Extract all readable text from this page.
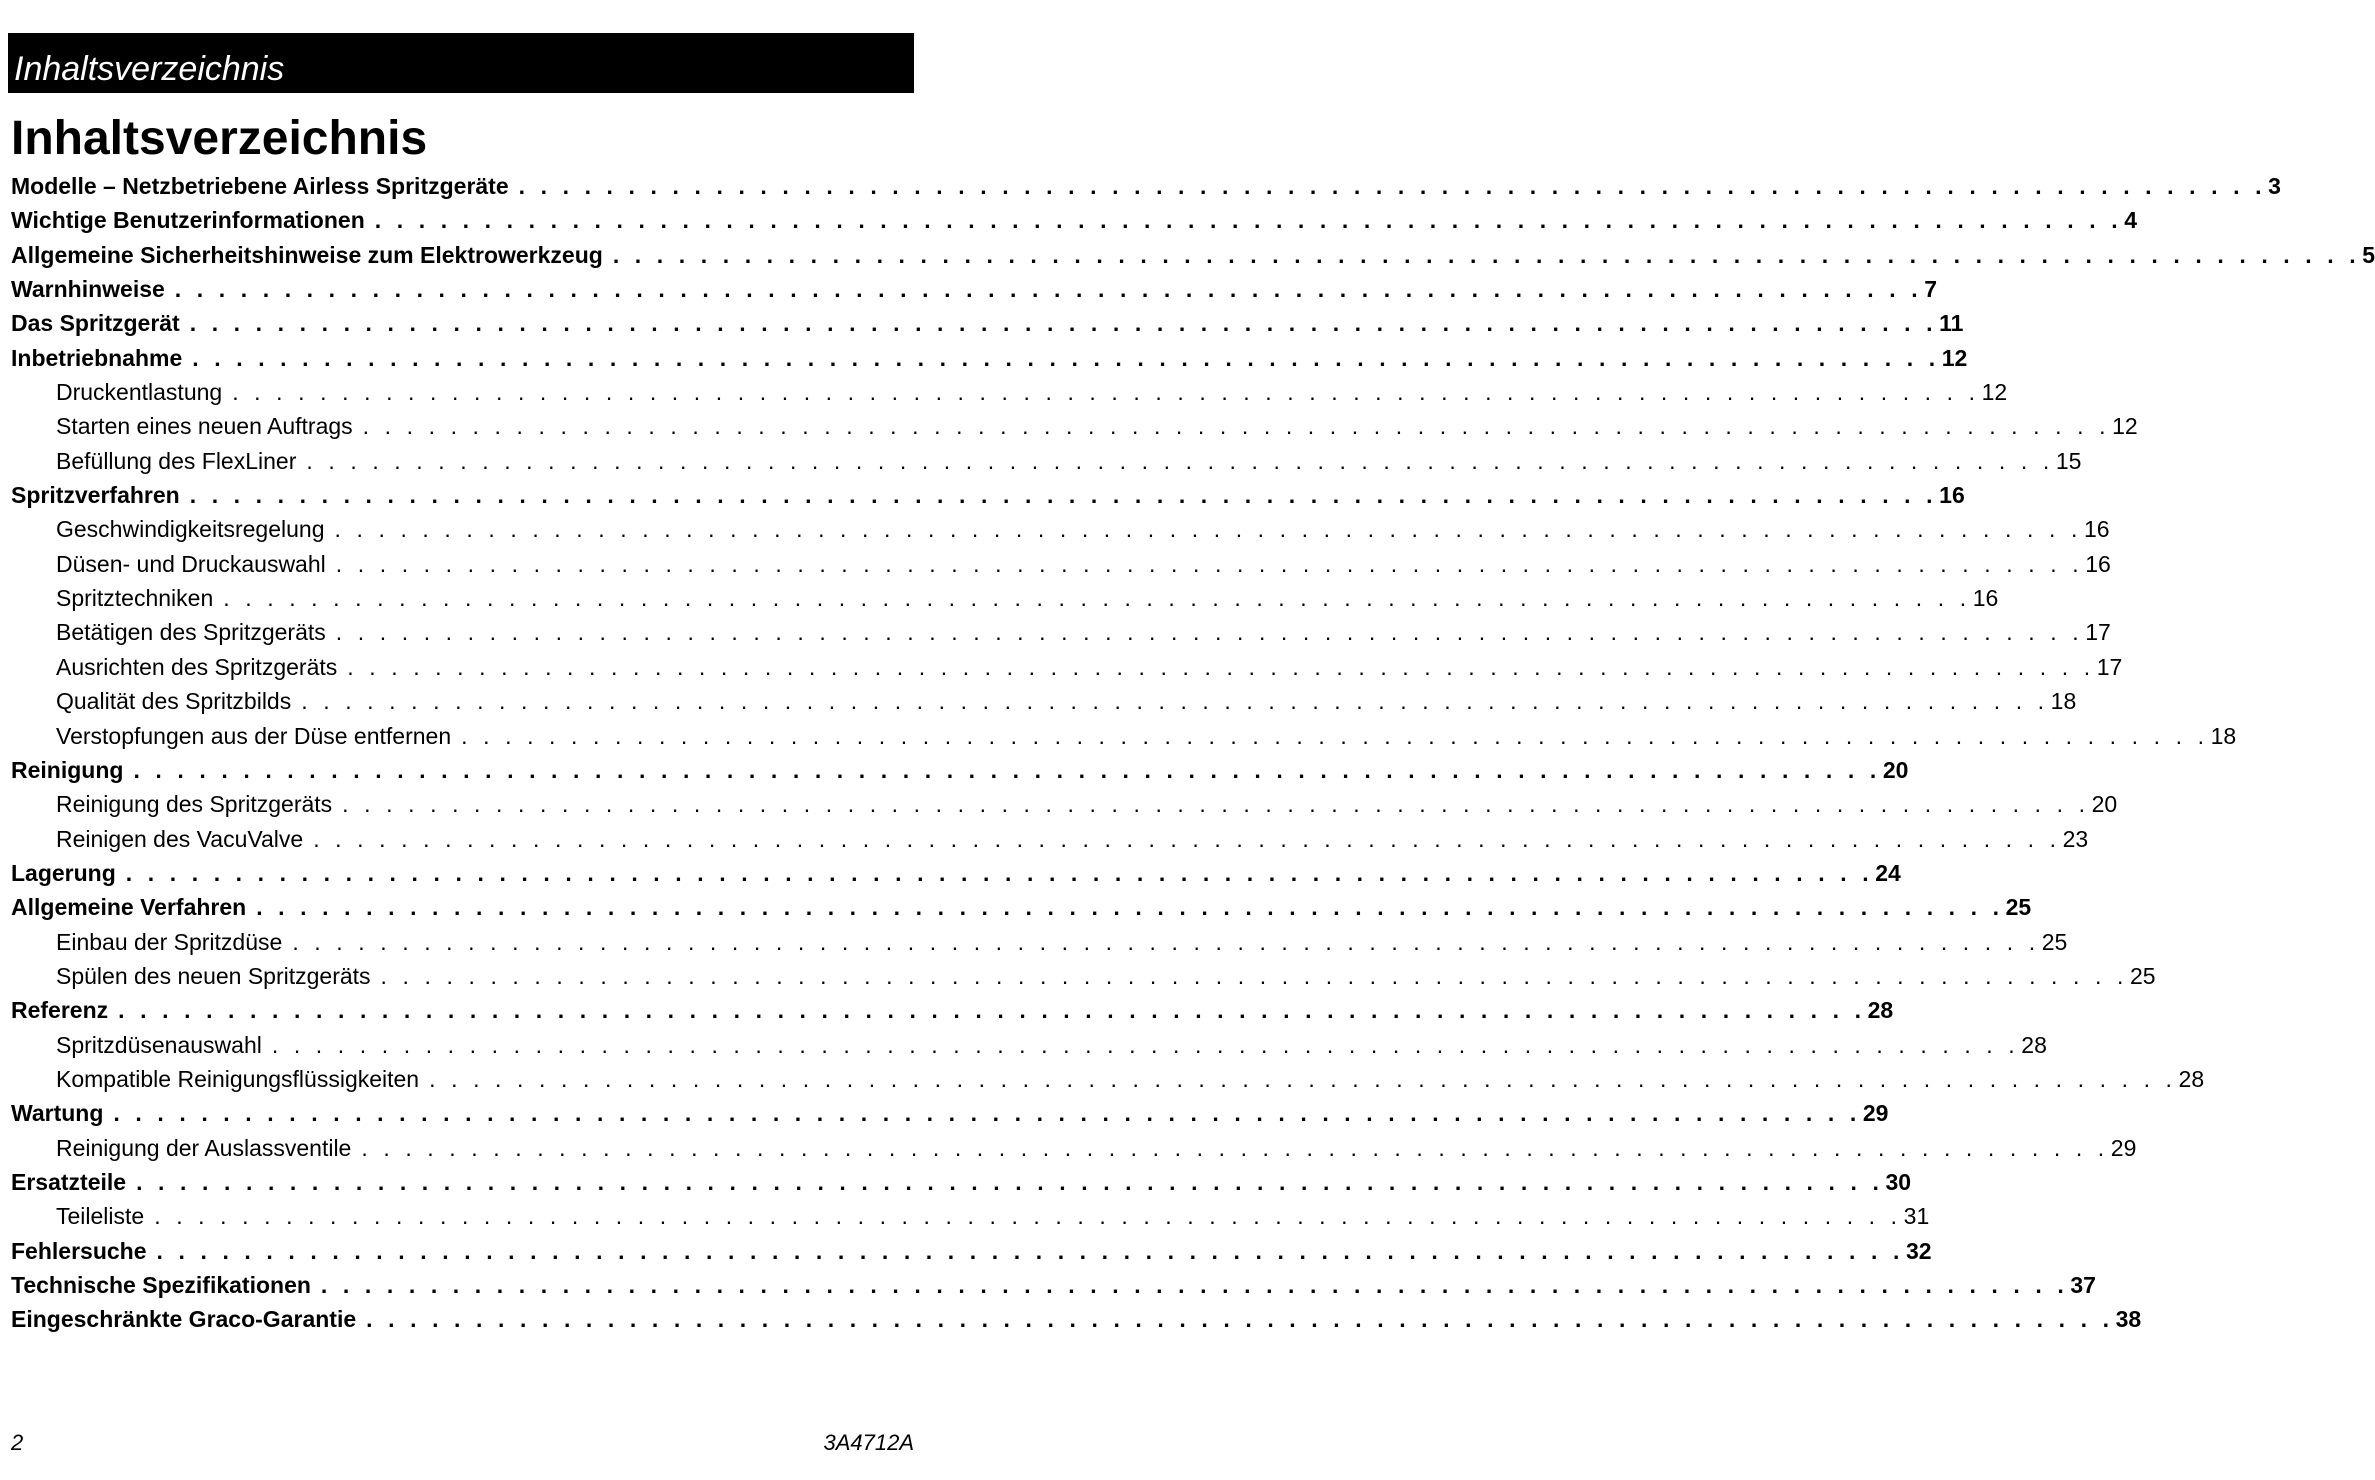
Inhaltsverzeichnis
Inhaltsverzeichnis
Modelle – Netzbetriebene Airless Spritzgeräte . . . . . . . . . . . . . . . . . . . . . . . . . . . . . . . . . . . . . . . . . . . . . . . . . . . . . . . . . . . . . . . . . . . . . . . . . . . . . . . . 3
Wichtige Benutzerinformationen . . . . . . . . . . . . . . . . . . . . . . . . . . . . . . . . . . . . . . . . . . . . . . . . . . . . . . . . . . . . . . . . . . . . . . . . . . . . . . . . 4
Allgemeine Sicherheitshinweise zum Elektrowerkzeug . . . . . . . . . . . . . . . . . . . . . . . . . . . . . . . . . . . . . . . . . . . . . . . . . . . . . . . . . . . . . . . . . . . . . . . . . . . . . . . . 5
Warnhinweise . . . . . . . . . . . . . . . . . . . . . . . . . . . . . . . . . . . . . . . . . . . . . . . . . . . . . . . . . . . . . . . . . . . . . . . . . . . . . . . . 7
Das Spritzgerät . . . . . . . . . . . . . . . . . . . . . . . . . . . . . . . . . . . . . . . . . . . . . . . . . . . . . . . . . . . . . . . . . . . . . . . . . . . . . . . . 11
Inbetriebnahme . . . . . . . . . . . . . . . . . . . . . . . . . . . . . . . . . . . . . . . . . . . . . . . . . . . . . . . . . . . . . . . . . . . . . . . . . . . . . . . . 12
Druckentlastung . . . . . . . . . . . . . . . . . . . . . . . . . . . . . . . . . . . . . . . . . . . . . . . . . . . . . . . . . . . . . . . . . . . . . . . . . . . . . . . . 12
Starten eines neuen Auftrags . . . . . . . . . . . . . . . . . . . . . . . . . . . . . . . . . . . . . . . . . . . . . . . . . . . . . . . . . . . . . . . . . . . . . . . . . . . . . . . . 12
Befüllung des FlexLiner . . . . . . . . . . . . . . . . . . . . . . . . . . . . . . . . . . . . . . . . . . . . . . . . . . . . . . . . . . . . . . . . . . . . . . . . . . . . . . . . 15
Spritzverfahren . . . . . . . . . . . . . . . . . . . . . . . . . . . . . . . . . . . . . . . . . . . . . . . . . . . . . . . . . . . . . . . . . . . . . . . . . . . . . . . . 16
Geschwindigkeitsregelung . . . . . . . . . . . . . . . . . . . . . . . . . . . . . . . . . . . . . . . . . . . . . . . . . . . . . . . . . . . . . . . . . . . . . . . . . . . . . . . . 16
Düsen- und Druckauswahl . . . . . . . . . . . . . . . . . . . . . . . . . . . . . . . . . . . . . . . . . . . . . . . . . . . . . . . . . . . . . . . . . . . . . . . . . . . . . . . . 16
Spritztechniken . . . . . . . . . . . . . . . . . . . . . . . . . . . . . . . . . . . . . . . . . . . . . . . . . . . . . . . . . . . . . . . . . . . . . . . . . . . . . . . . 16
Betätigen des Spritzgeräts . . . . . . . . . . . . . . . . . . . . . . . . . . . . . . . . . . . . . . . . . . . . . . . . . . . . . . . . . . . . . . . . . . . . . . . . . . . . . . . . 17
Ausrichten des Spritzgeräts . . . . . . . . . . . . . . . . . . . . . . . . . . . . . . . . . . . . . . . . . . . . . . . . . . . . . . . . . . . . . . . . . . . . . . . . . . . . . . . . 17
Qualität des Spritzbilds . . . . . . . . . . . . . . . . . . . . . . . . . . . . . . . . . . . . . . . . . . . . . . . . . . . . . . . . . . . . . . . . . . . . . . . . . . . . . . . . 18
Verstopfungen aus der Düse entfernen . . . . . . . . . . . . . . . . . . . . . . . . . . . . . . . . . . . . . . . . . . . . . . . . . . . . . . . . . . . . . . . . . . . . . . . . . . . . . . . . 18
Reinigung . . . . . . . . . . . . . . . . . . . . . . . . . . . . . . . . . . . . . . . . . . . . . . . . . . . . . . . . . . . . . . . . . . . . . . . . . . . . . . . . 20
Reinigung des Spritzgeräts . . . . . . . . . . . . . . . . . . . . . . . . . . . . . . . . . . . . . . . . . . . . . . . . . . . . . . . . . . . . . . . . . . . . . . . . . . . . . . . . 20
Reinigen des VacuValve . . . . . . . . . . . . . . . . . . . . . . . . . . . . . . . . . . . . . . . . . . . . . . . . . . . . . . . . . . . . . . . . . . . . . . . . . . . . . . . . 23
Lagerung . . . . . . . . . . . . . . . . . . . . . . . . . . . . . . . . . . . . . . . . . . . . . . . . . . . . . . . . . . . . . . . . . . . . . . . . . . . . . . . . 24
Allgemeine Verfahren . . . . . . . . . . . . . . . . . . . . . . . . . . . . . . . . . . . . . . . . . . . . . . . . . . . . . . . . . . . . . . . . . . . . . . . . . . . . . . . . 25
Einbau der Spritzdüse . . . . . . . . . . . . . . . . . . . . . . . . . . . . . . . . . . . . . . . . . . . . . . . . . . . . . . . . . . . . . . . . . . . . . . . . . . . . . . . . 25
Spülen des neuen Spritzgeräts . . . . . . . . . . . . . . . . . . . . . . . . . . . . . . . . . . . . . . . . . . . . . . . . . . . . . . . . . . . . . . . . . . . . . . . . . . . . . . . . 25
Referenz . . . . . . . . . . . . . . . . . . . . . . . . . . . . . . . . . . . . . . . . . . . . . . . . . . . . . . . . . . . . . . . . . . . . . . . . . . . . . . . . 28
Spritzdüsenauswahl . . . . . . . . . . . . . . . . . . . . . . . . . . . . . . . . . . . . . . . . . . . . . . . . . . . . . . . . . . . . . . . . . . . . . . . . . . . . . . . . 28
Kompatible Reinigungsflüssigkeiten . . . . . . . . . . . . . . . . . . . . . . . . . . . . . . . . . . . . . . . . . . . . . . . . . . . . . . . . . . . . . . . . . . . . . . . . . . . . . . . . 28
Wartung . . . . . . . . . . . . . . . . . . . . . . . . . . . . . . . . . . . . . . . . . . . . . . . . . . . . . . . . . . . . . . . . . . . . . . . . . . . . . . . . 29
Reinigung der Auslassventile . . . . . . . . . . . . . . . . . . . . . . . . . . . . . . . . . . . . . . . . . . . . . . . . . . . . . . . . . . . . . . . . . . . . . . . . . . . . . . . . 29
Ersatzteile . . . . . . . . . . . . . . . . . . . . . . . . . . . . . . . . . . . . . . . . . . . . . . . . . . . . . . . . . . . . . . . . . . . . . . . . . . . . . . . . 30
Teileliste . . . . . . . . . . . . . . . . . . . . . . . . . . . . . . . . . . . . . . . . . . . . . . . . . . . . . . . . . . . . . . . . . . . . . . . . . . . . . . . . 31
Fehlersuche . . . . . . . . . . . . . . . . . . . . . . . . . . . . . . . . . . . . . . . . . . . . . . . . . . . . . . . . . . . . . . . . . . . . . . . . . . . . . . . . 32
Technische Spezifikationen . . . . . . . . . . . . . . . . . . . . . . . . . . . . . . . . . . . . . . . . . . . . . . . . . . . . . . . . . . . . . . . . . . . . . . . . . . . . . . . . 37
Eingeschränkte Graco-Garantie . . . . . . . . . . . . . . . . . . . . . . . . . . . . . . . . . . . . . . . . . . . . . . . . . . . . . . . . . . . . . . . . . . . . . . . . . . . . . . . . 38
2	3A4712A
